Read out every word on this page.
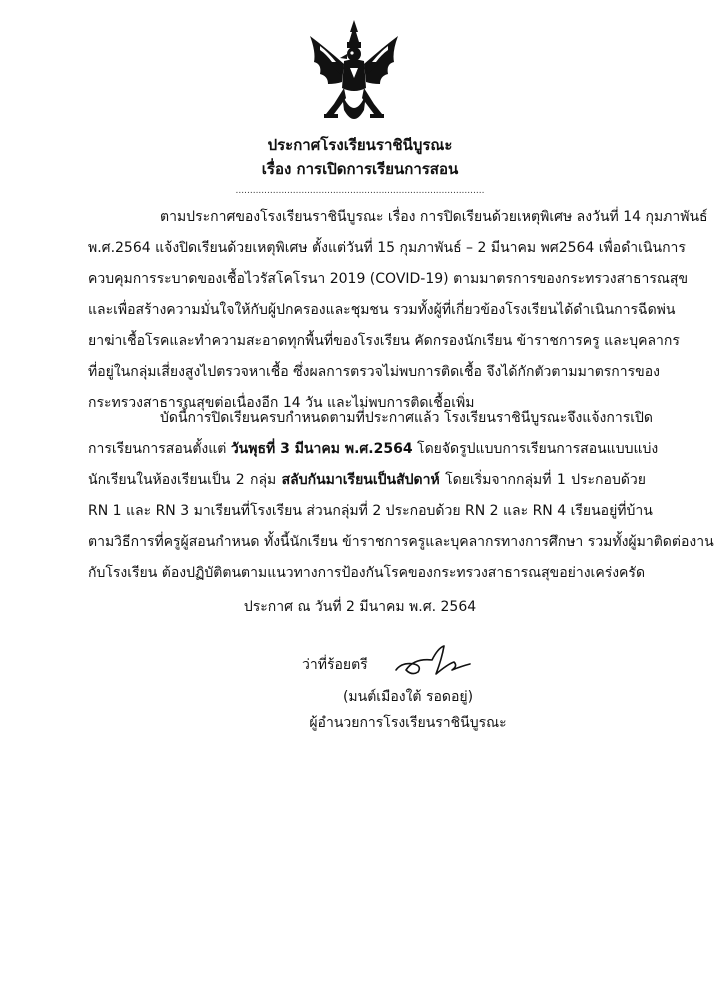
ประกาศโรงเรียนราชินีบูรณะ
เรื่อง การเปิดการเรียนการสอน
.......................................................................................
ตามประกาศของโรงเรียนราชินีบูรณะ เรื่อง การปิดเรียนด้วยเหตุพิเศษ ลงวันที่ 14 กุมภาพันธ์
พ.ศ.2564 แจ้งปิดเรียนด้วยเหตุพิเศษ ตั้งแต่วันที่ 15 กุมภาพันธ์ – 2 มีนาคม พศ2564 เพื่อดำเนินการ
ควบคุมการระบาดของเชื้อไวรัสโคโรนา 2019 (COVID-19) ตามมาตรการของกระทรวงสาธารณสุข
และเพื่อสร้างความมั่นใจให้กับผู้ปกครองและชุมชน รวมทั้งผู้ที่เกี่ยวข้องโรงเรียนได้ดำเนินการฉีดพ่น
ยาฆ่าเชื้อโรคและทำความสะอาดทุกพื้นที่ของโรงเรียน คัดกรองนักเรียน ข้าราชการครู และบุคลากร
ที่อยู่ในกลุ่มเสี่ยงสูงไปตรวจหาเชื้อ ซึ่งผลการตรวจไม่พบการติดเชื้อ จึงได้กักตัวตามมาตรการของ
กระทรวงสาธารณสุขต่อเนื่องอีก 14 วัน และไม่พบการติดเชื้อเพิ่ม
บัดนี้การปิดเรียนครบกำหนดตามที่ประกาศแล้ว โรงเรียนราชินีบูรณะจึงแจ้งการเปิด
การเรียนการสอนตั้งแต่ วันพุธที่ 3 มีนาคม พ.ศ.2564 โดยจัดรูปแบบการเรียนการสอนแบบแบ่ง
นักเรียนในห้องเรียนเป็น 2 กลุ่ม สลับกันมาเรียนเป็นสัปดาห์ โดยเริ่มจากกลุ่มที่ 1 ประกอบด้วย
RN 1 และ RN 3 มาเรียนที่โรงเรียน ส่วนกลุ่มที่ 2 ประกอบด้วย RN 2 และ RN 4 เรียนอยู่ที่บ้าน
ตามวิธีการที่ครูผู้สอนกำหนด ทั้งนี้นักเรียน ข้าราชการครูและบุคลากรทางการศึกษา รวมทั้งผู้มาติดต่องาน
กับโรงเรียน ต้องปฏิบัติตนตามแนวทางการป้องกันโรคของกระทรวงสาธารณสุขอย่างเคร่งครัด
ประกาศ ณ วันที่ 2 มีนาคม พ.ศ. 2564
ว่าที่ร้อยตรี
(มนต์เมืองใต้ รอดอยู่)
ผู้อำนวยการโรงเรียนราชินีบูรณะ
